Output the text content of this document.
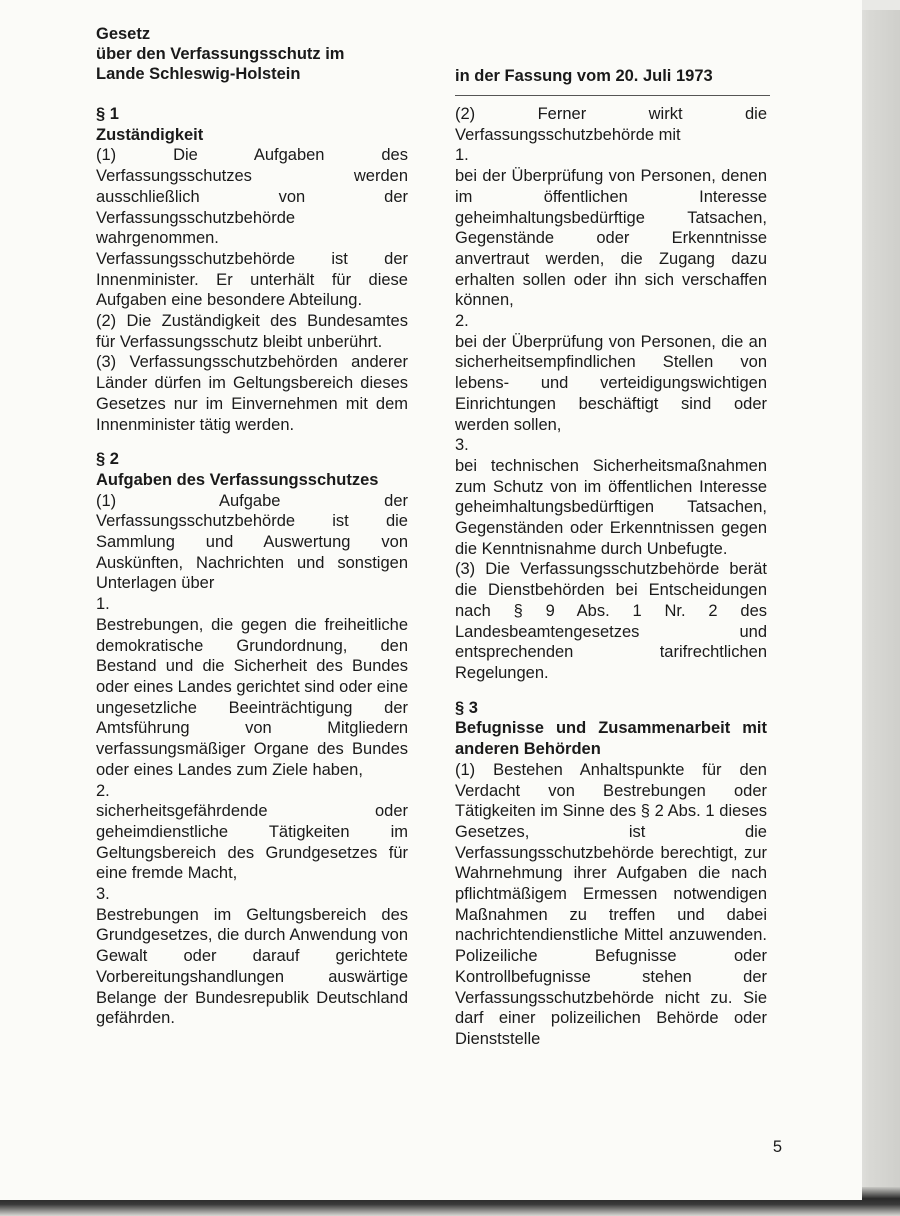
Gesetz
über den Verfassungsschutz im
Lande Schleswig-Holstein	in der Fassung vom 20. Juli 1973

§ 1

Zuständigkeit

(1) Die Aufgaben des Verfassungsschutzes werden ausschließlich von der Verfassungsschutzbehörde wahrgenommen. Verfassungsschutzbehörde ist der Innenminister. Er unterhält für diese Aufgaben eine besondere Abteilung.

(2) Die Zuständigkeit des Bundesamtes für Verfassungsschutz bleibt unberührt.

(3) Verfassungsschutzbehörden anderer Länder dürfen im Geltungsbereich dieses Gesetzes nur im Einvernehmen mit dem Innenminister tätig werden.

§ 2

Aufgaben des Verfassungsschutzes

(1) Aufgabe der Verfassungsschutzbehörde ist die Sammlung und Auswertung von Auskünften, Nachrichten und sonstigen Unterlagen über

1.

Bestrebungen, die gegen die freiheitliche demokratische Grundordnung, den Bestand und die Sicherheit des Bundes oder eines Landes gerichtet sind oder eine ungesetzliche Beeinträchtigung der Amtsführung von Mitgliedern verfassungsmäßiger Organe des Bundes oder eines Landes zum Ziele haben,

2.

sicherheitsgefährdende oder geheimdienstliche Tätigkeiten im Geltungsbereich des Grundgesetzes für eine fremde Macht,

3.

Bestrebungen im Geltungsbereich des Grundgesetzes, die durch Anwendung von Gewalt oder darauf gerichtete Vorbereitungshandlungen auswärtige Belange der Bundesrepublik Deutschland gefährden.

(2) Ferner wirkt die Verfassungsschutzbehörde mit

1.

bei der Überprüfung von Personen, denen im öffentlichen Interesse geheimhaltungsbedürftige Tatsachen, Gegenstände oder Erkenntnisse anvertraut werden, die Zugang dazu erhalten sollen oder ihn sich verschaffen können,

2.

bei der Überprüfung von Personen, die an sicherheitsempfindlichen Stellen von lebens- und verteidigungswichtigen Einrichtungen beschäftigt sind oder werden sollen,

3.

bei technischen Sicherheitsmaßnahmen zum Schutz von im öffentlichen Interesse geheimhaltungsbedürftigen Tatsachen, Gegenständen oder Erkenntnissen gegen die Kenntnisnahme durch Unbefugte.

(3) Die Verfassungsschutzbehörde berät die Dienstbehörden bei Entscheidungen nach § 9 Abs. 1 Nr. 2 des Landesbeamtengesetzes und entsprechenden tarifrechtlichen Regelungen.

§ 3

Befugnisse und Zusammenarbeit mit anderen Behörden

(1) Bestehen Anhaltspunkte für den Verdacht von Bestrebungen oder Tätigkeiten im Sinne des § 2 Abs. 1 dieses Gesetzes, ist die Verfassungsschutzbehörde berechtigt, zur Wahrnehmung ihrer Aufgaben die nach pflichtmäßigem Ermessen notwendigen Maßnahmen zu treffen und dabei nachrichtendienstliche Mittel anzuwenden. Polizeiliche Befugnisse oder Kontrollbefugnisse stehen der Verfassungsschutzbehörde nicht zu. Sie darf einer polizeilichen Behörde oder Dienststelle

5
